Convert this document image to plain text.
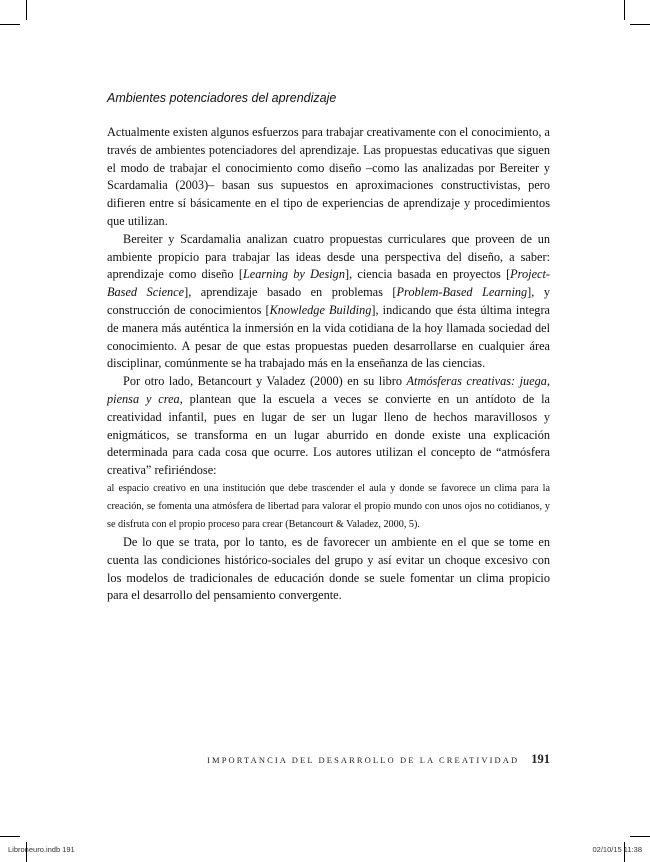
Ambientes potenciadores del aprendizaje

Actualmente existen algunos esfuerzos para trabajar creativamente con el conocimiento, a través de ambientes potenciadores del aprendizaje. Las propuestas educativas que siguen el modo de trabajar el conocimiento como diseño –como las analizadas por Bereiter y Scardamalia (2003)– basan sus supuestos en aproximaciones constructivistas, pero difieren entre sí básicamente en el tipo de experiencias de aprendizaje y procedimientos que utilizan.

Bereiter y Scardamalia analizan cuatro propuestas curriculares que proveen de un ambiente propicio para trabajar las ideas desde una perspectiva del diseño, a saber: aprendizaje como diseño [Learning by Design], ciencia basada en proyectos [Project-Based Science], aprendizaje basado en problemas [Problem-Based Learning], y construcción de conocimientos [Knowledge Building], indicando que ésta última integra de manera más auténtica la inmersión en la vida cotidiana de la hoy llamada sociedad del conocimiento. A pesar de que estas propuestas pueden desarrollarse en cualquier área disciplinar, comúnmente se ha trabajado más en la enseñanza de las ciencias.

Por otro lado, Betancourt y Valadez (2000) en su libro Atmósferas creativas: juega, piensa y crea, plantean que la escuela a veces se convierte en un antídoto de la creatividad infantil, pues en lugar de ser un lugar lleno de hechos maravillosos y enigmáticos, se transforma en un lugar aburrido en donde existe una explicación determinada para cada cosa que ocurre. Los autores utilizan el concepto de “atmósfera creativa” refiriéndose:

al espacio creativo en una institución que debe trascender el aula y donde se favorece un clima para la creación, se fomenta una atmósfera de libertad para valorar el propio mundo con unos ojos no cotidianos, y se disfruta con el propio proceso para crear (Betancourt & Valadez, 2000, 5).

De lo que se trata, por lo tanto, es de favorecer un ambiente en el que se tome en cuenta las condiciones histórico-sociales del grupo y así evitar un choque excesivo con los modelos de tradicionales de educación donde se suele fomentar un clima propicio para el desarrollo del pensamiento convergente.

IMPORTANCIA DEL DESARROLLO DE LA CREATIVIDAD 191
Libroneuro.indb 191	02/10/15 11:38
